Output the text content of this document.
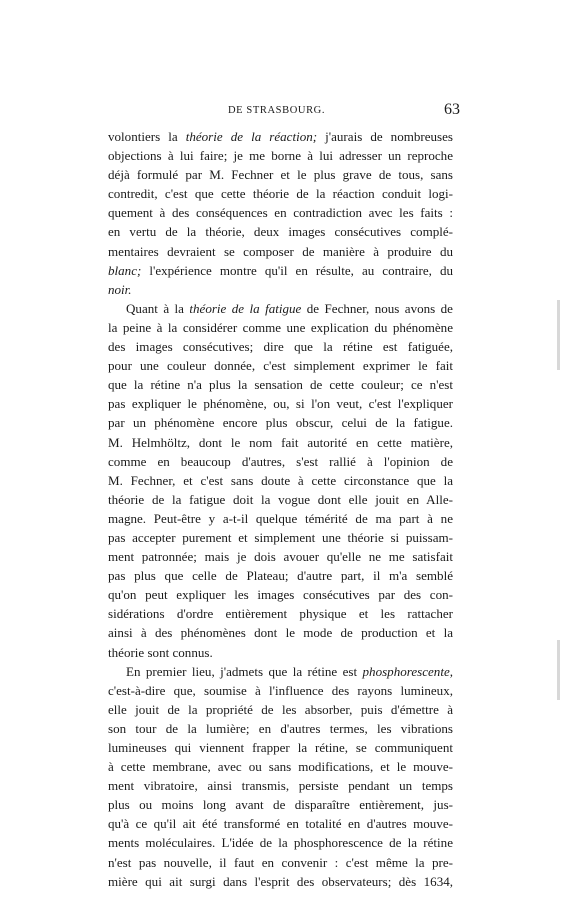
DE STRASBOURG.	63
volontiers la théorie de la réaction; j'aurais de nombreuses
objections à lui faire; je me borne à lui adresser un reproche
déjà formulé par M. Fechner et le plus grave de tous, sans
contredit, c'est que cette théorie de la réaction conduit logi-
quement à des conséquences en contradiction avec les faits :
en vertu de la théorie, deux images consécutives complé-
mentaires devraient se composer de manière à produire du
blanc; l'expérience montre qu'il en résulte, au contraire, du
noir.
Quant à la théorie de la fatigue de Fechner, nous avons de
la peine à la considérer comme une explication du phénomène
des images consécutives; dire que la rétine est fatiguée,
pour une couleur donnée, c'est simplement exprimer le fait
que la rétine n'a plus la sensation de cette couleur; ce n'est
pas expliquer le phénomène, ou, si l'on veut, c'est l'expliquer
par un phénomène encore plus obscur, celui de la fatigue.
M. Helmhöltz, dont le nom fait autorité en cette matière,
comme en beaucoup d'autres, s'est rallié à l'opinion de
M. Fechner, et c'est sans doute à cette circonstance que la
théorie de la fatigue doit la vogue dont elle jouit en Alle-
magne. Peut-être y a-t-il quelque témérité de ma part à ne
pas accepter purement et simplement une théorie si puissam-
ment patronnée; mais je dois avouer qu'elle ne me satisfait
pas plus que celle de Plateau; d'autre part, il m'a semblé
qu'on peut expliquer les images consécutives par des con-
sidérations d'ordre entièrement physique et les rattacher
ainsi à des phénomènes dont le mode de production et la
théorie sont connus.
En premier lieu, j'admets que la rétine est phosphorescente,
c'est-à-dire que, soumise à l'influence des rayons lumineux,
elle jouit de la propriété de les absorber, puis d'émettre à
son tour de la lumière; en d'autres termes, les vibrations
lumineuses qui viennent frapper la rétine, se communiquent
à cette membrane, avec ou sans modifications, et le mouve-
ment vibratoire, ainsi transmis, persiste pendant un temps
plus ou moins long avant de disparaître entièrement, jus-
qu'à ce qu'il ait été transformé en totalité en d'autres mouve-
ments moléculaires. L'idée de la phosphorescence de la rétine
n'est pas nouvelle, il faut en convenir : c'est même la pre-
mière qui ait surgi dans l'esprit des observateurs; dès 1634,
